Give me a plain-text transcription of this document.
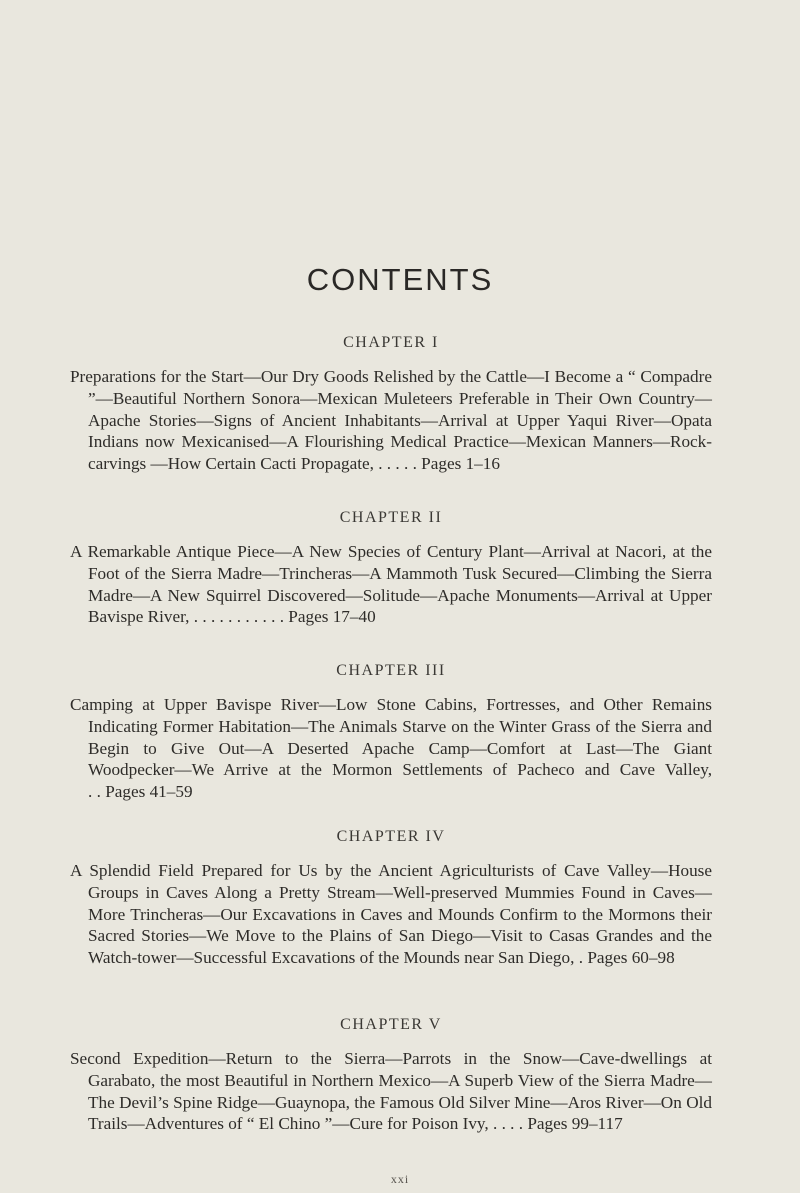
CONTENTS
CHAPTER I

Preparations for the Start—Our Dry Goods Relished by the Cattle—I Become a “ Compadre ”—Beautiful Northern Sonora—Mexican Muleteers Preferable in Their Own Country—Apache Stories—Signs of Ancient Inhabitants—Arrival at Upper Yaqui River—Opata Indians now Mexicanised—A Flourishing Medical Practice—Mexican Manners—Rock-carvings —How Certain Cacti Propagate, . . . . . Pages 1–16

CHAPTER II

A Remarkable Antique Piece—A New Species of Century Plant—Arrival at Nacori, at the Foot of the Sierra Madre—Trincheras—A Mammoth Tusk Secured—Climbing the Sierra Madre—A New Squirrel Discovered—Solitude—Apache Monuments—Arrival at Upper Bavispe River, . . . . . . . . . . . Pages 17–40

CHAPTER III

Camping at Upper Bavispe River—Low Stone Cabins, Fortresses, and Other Remains Indicating Former Habitation—The Animals Starve on the Winter Grass of the Sierra and Begin to Give Out—A Deserted Apache Camp—Comfort at Last—The Giant Woodpecker—We Arrive at the Mormon Settlements of Pacheco and Cave Valley, . . Pages 41–59

CHAPTER IV

A Splendid Field Prepared for Us by the Ancient Agriculturists of Cave Valley—House Groups in Caves Along a Pretty Stream—Well-preserved Mummies Found in Caves—More Trincheras—Our Excavations in Caves and Mounds Confirm to the Mormons their Sacred Stories—We Move to the Plains of San Diego—Visit to Casas Grandes and the Watch-tower—Successful Excavations of the Mounds near San Diego, . Pages 60–98

CHAPTER V

Second Expedition—Return to the Sierra—Parrots in the Snow—Cave-dwellings at Garabato, the most Beautiful in Northern Mexico—A Superb View of the Sierra Madre—The Devil’s Spine Ridge—Guaynopa, the Famous Old Silver Mine—Aros River—On Old Trails—Adventures of “ El Chino ”—Cure for Poison Ivy, . . . . Pages 99–117

xxi
